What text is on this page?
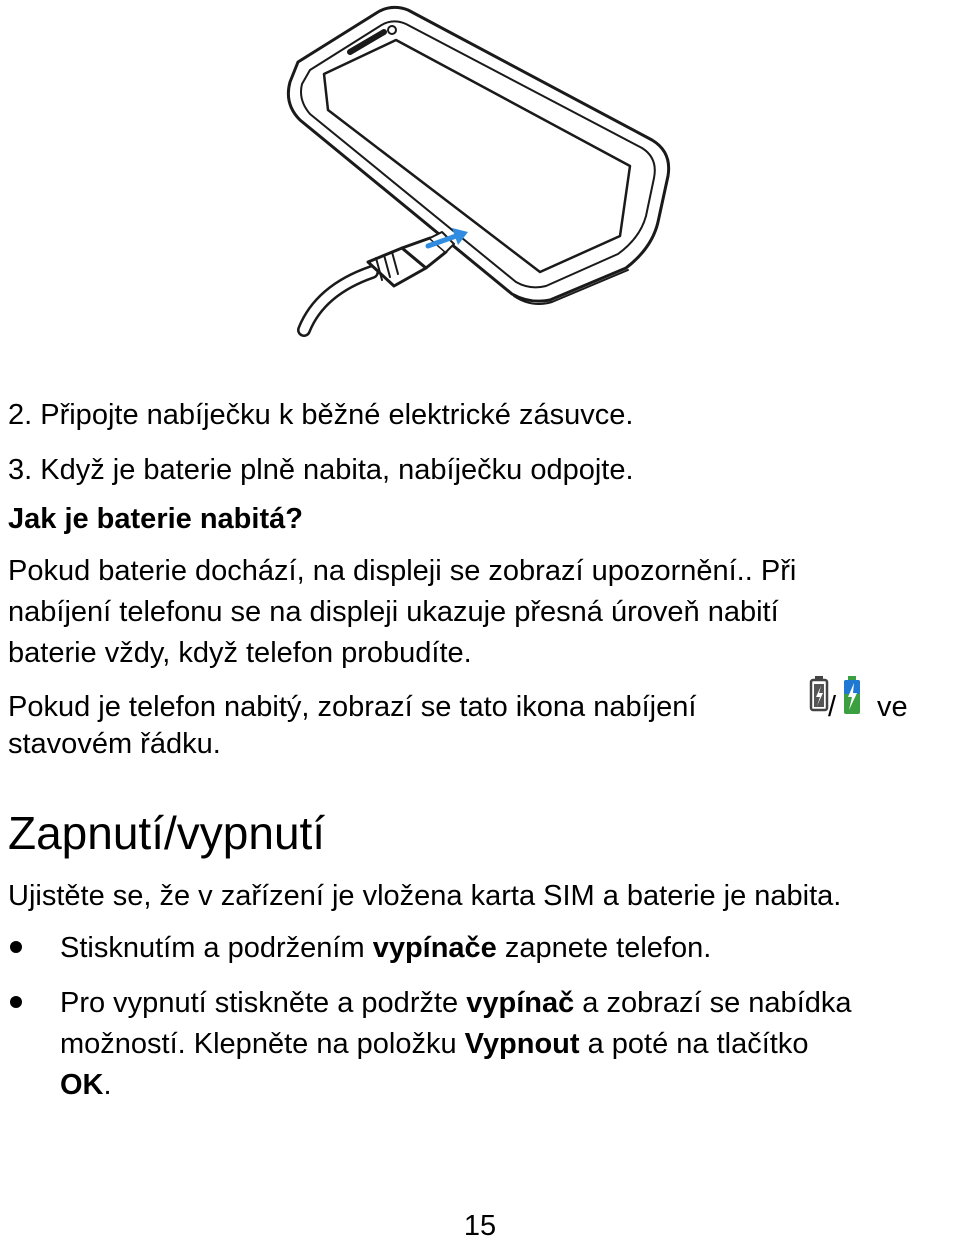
2. Připojte nabíječku k běžné elektrické zásuvce.
3. Když je baterie plně nabita, nabíječku odpojte.
Jak je baterie nabitá?
Pokud baterie dochází, na displeji se zobrazí upozornění.. Při
nabíjení telefonu se na displeji ukazuje přesná úroveň nabití
baterie vždy, když telefon probudíte.
Pokud je telefon nabitý, zobrazí se tato ikona nabíjení	/ ve
stavovém řádku.
Zapnutí/vypnutí
Ujistěte se, že v zařízení je vložena karta SIM a baterie je nabita.
Stisknutím a podržením vypínače zapnete telefon.
Pro vypnutí stiskněte a podržte vypínač a zobrazí se nabídka
možností. Klepněte na položku Vypnout a poté na tlačítko
OK.
15
